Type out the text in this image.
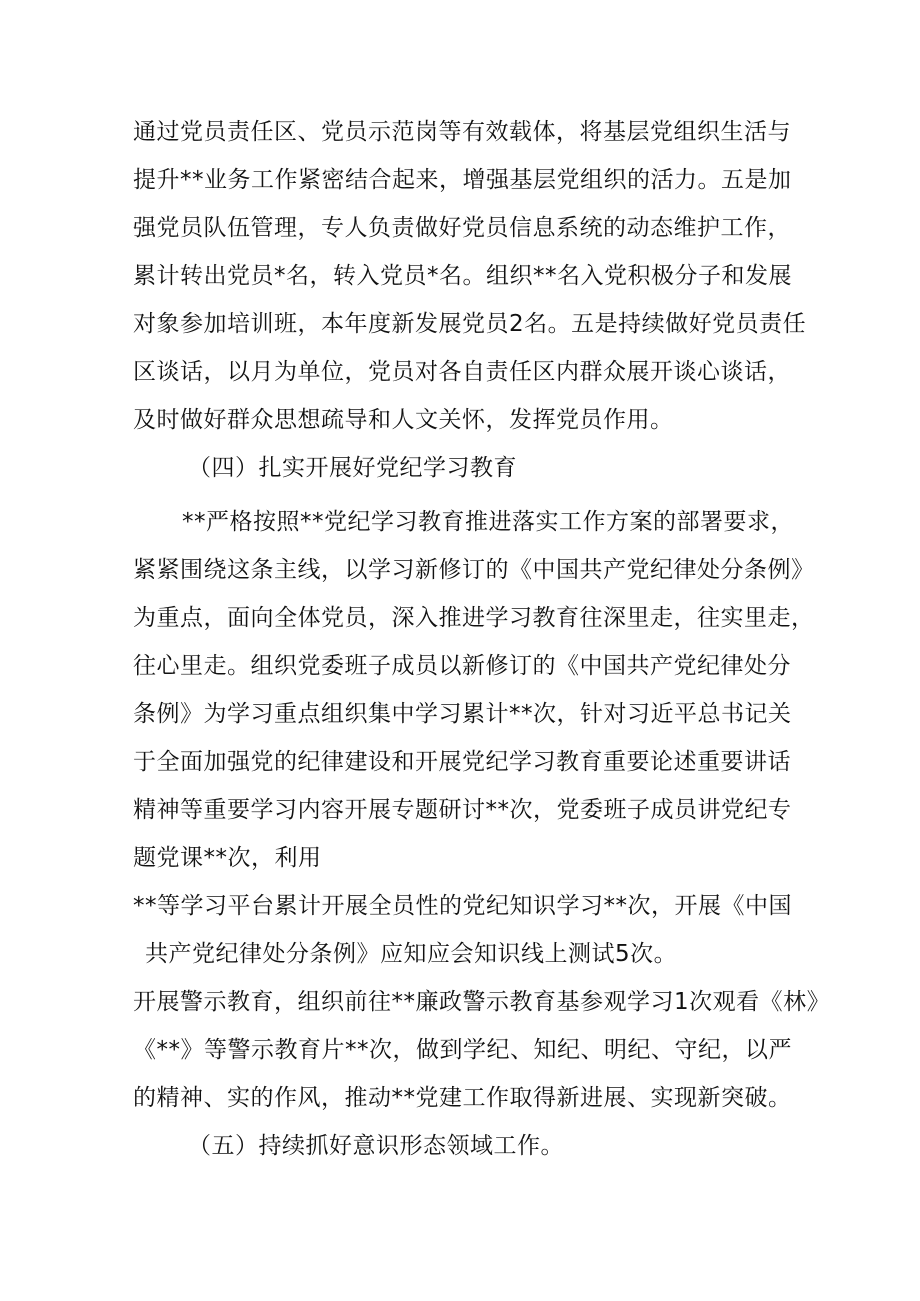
通过党员责任区、党员示范岗等有效载体，将基层党组织生活与
提升**业务工作紧密结合起来，增强基层党组织的活力。五是加
强党员队伍管理，专人负责做好党员信息系统的动态维护工作，
累计转出党员*名，转入党员*名。组织**名入党积极分子和发展
对象参加培训班，本年度新发展党员2名。五是持续做好党员责任
区谈话，以月为单位，党员对各自责任区内群众展开谈心谈话，
及时做好群众思想疏导和人文关怀，发挥党员作用。
（四）扎实开展好党纪学习教育
**严格按照**党纪学习教育推进落实工作方案的部署要求，
紧紧围绕这条主线，以学习新修订的《中国共产党纪律处分条例》
为重点，面向全体党员，深入推进学习教育往深里走，往实里走，
往心里走。组织党委班子成员以新修订的《中国共产党纪律处分
条例》为学习重点组织集中学习累计**次，针对习近平总书记关
于全面加强党的纪律建设和开展党纪学习教育重要论述重要讲话
精神等重要学习内容开展专题研讨**次，党委班子成员讲党纪专
题党课**次，利用
**等学习平台累计开展全员性的党纪知识学习**次，开展《中国
共产党纪律处分条例》应知应会知识线上测试5次。
开展警示教育，组织前往**廉政警示教育基参观学习1次观看《林》
《**》等警示教育片**次，做到学纪、知纪、明纪、守纪，以严
的精神、实的作风，推动**党建工作取得新进展、实现新突破。
（五）持续抓好意识形态领域工作。
